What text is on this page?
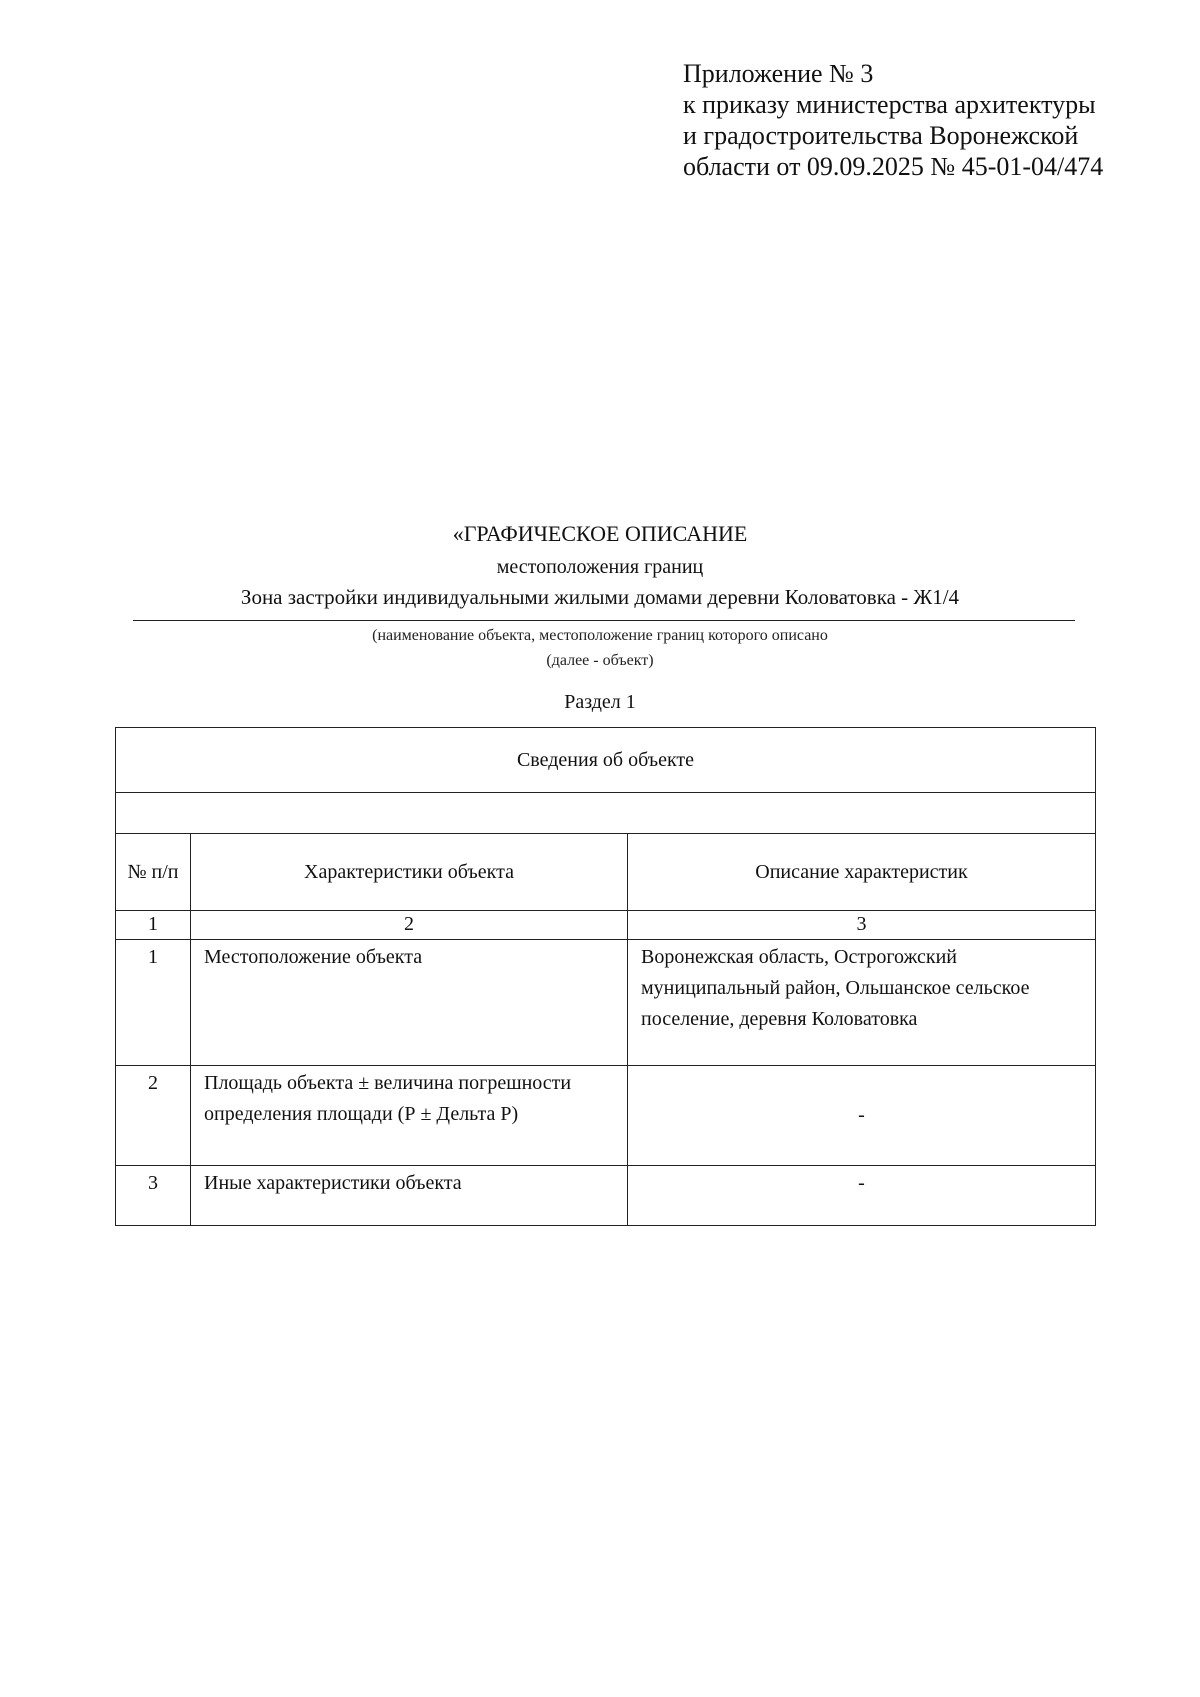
Приложение № 3
к приказу министерства архитектуры
и градостроительства Воронежской
области от 09.09.2025 № 45-01-04/474
«ГРАФИЧЕСКОЕ ОПИСАНИЕ
местоположения границ
Зона застройки индивидуальными жилыми домами деревни Коловатовка - Ж1/4
(наименование объекта, местоположение границ которого описано
(далее - объект)
Раздел 1
Сведения об объекте		

№ п/п	Характеристики объекта	Описание характеристик
1	2	3
1	Местоположение объекта	Воронежская область, Острогожский муниципальный район, Ольшанское сельское поселение, деревня Коловатовка
2	Площадь объекта ± величина погрешности определения площади (Р ± Дельта Р)	-
3	Иные характеристики объекта	-
